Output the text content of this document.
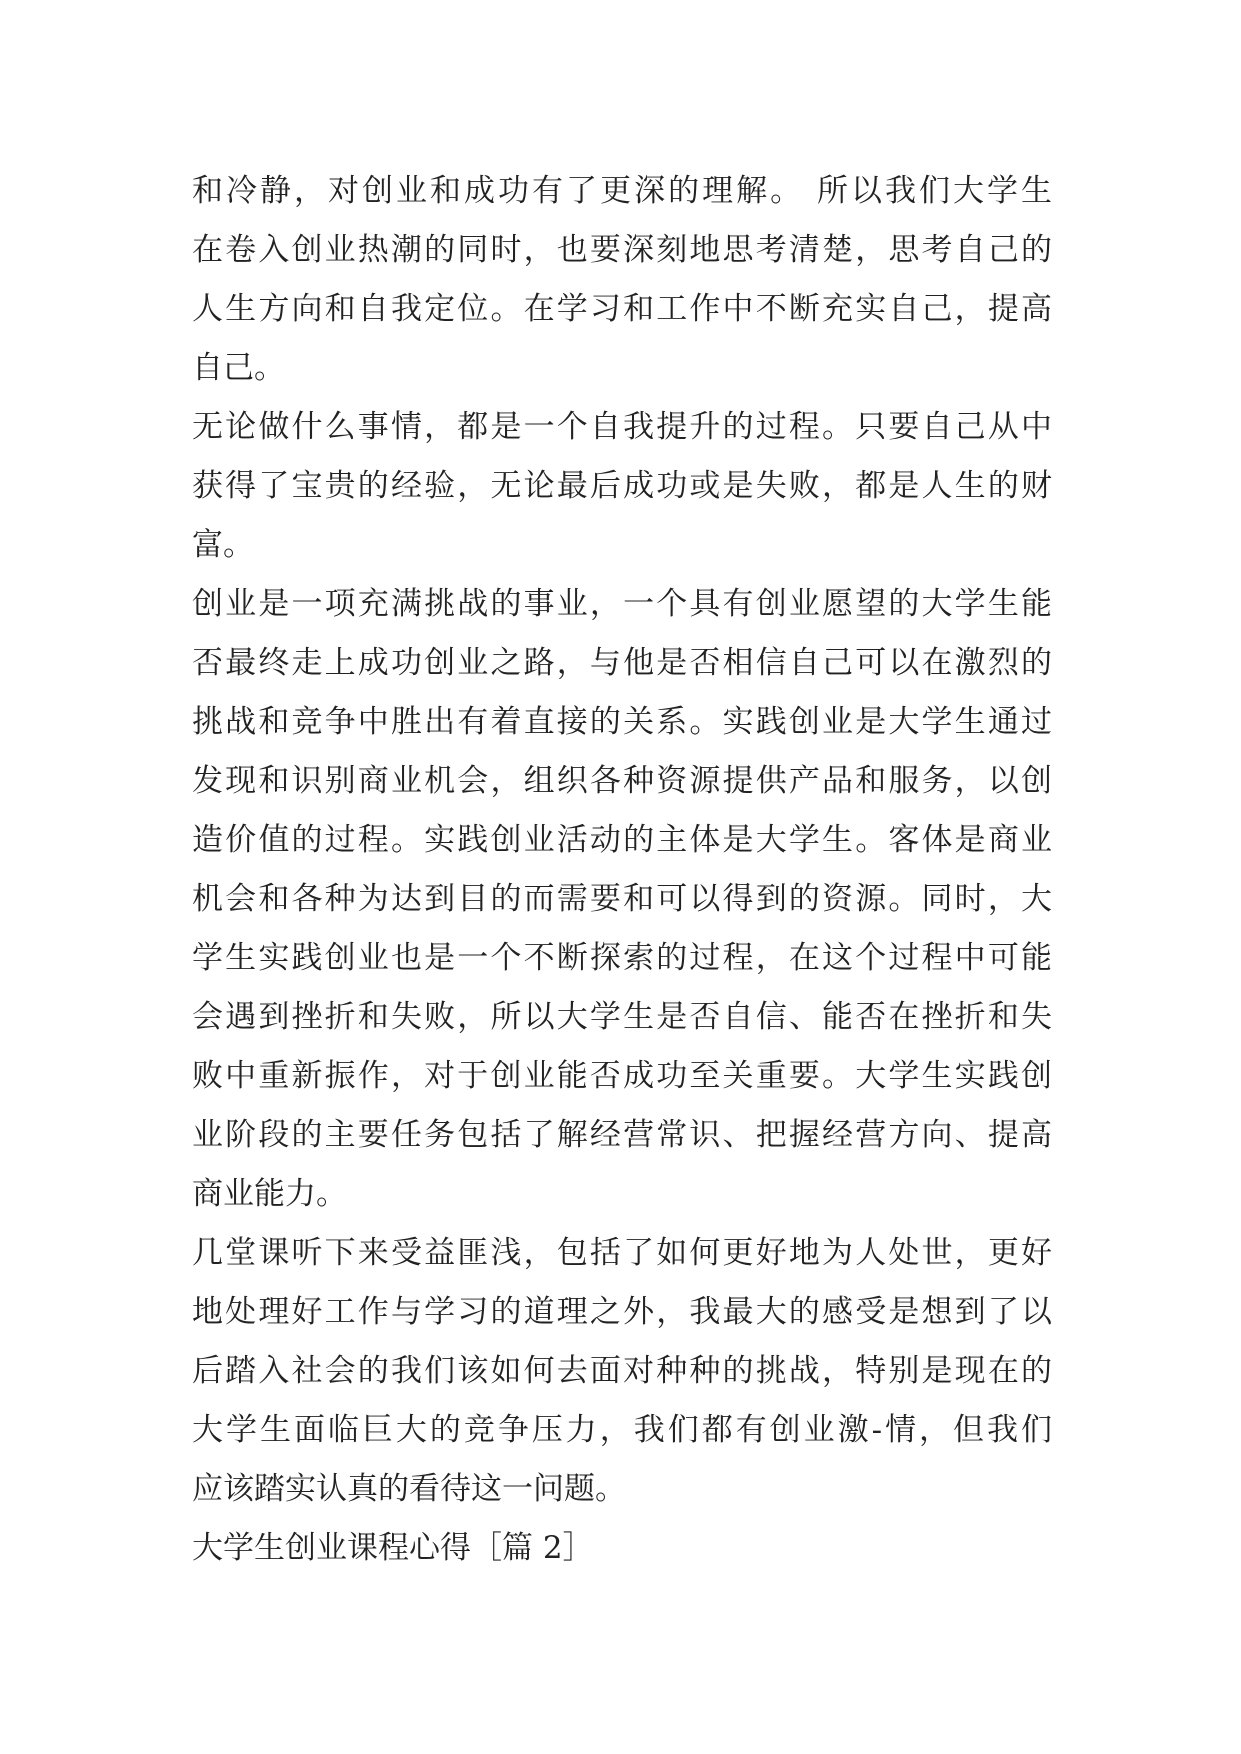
和冷静，对创业和成功有了更深的理解。 所以我们大学生
在卷入创业热潮的同时，也要深刻地思考清楚，思考自己的
人生方向和自我定位。在学习和工作中不断充实自己，提高
自己。
无论做什么事情，都是一个自我提升的过程。只要自己从中
获得了宝贵的经验，无论最后成功或是失败，都是人生的财
富。
创业是一项充满挑战的事业，一个具有创业愿望的大学生能
否最终走上成功创业之路，与他是否相信自己可以在激烈的
挑战和竞争中胜出有着直接的关系。实践创业是大学生通过
发现和识别商业机会，组织各种资源提供产品和服务，以创
造价值的过程。实践创业活动的主体是大学生。客体是商业
机会和各种为达到目的而需要和可以得到的资源。同时，大
学生实践创业也是一个不断探索的过程，在这个过程中可能
会遇到挫折和失败，所以大学生是否自信、能否在挫折和失
败中重新振作，对于创业能否成功至关重要。大学生实践创
业阶段的主要任务包括了解经营常识、把握经营方向、提高
商业能力。
几堂课听下来受益匪浅，包括了如何更好地为人处世，更好
地处理好工作与学习的道理之外，我最大的感受是想到了以
后踏入社会的我们该如何去面对种种的挑战，特别是现在的
大学生面临巨大的竞争压力，我们都有创业激-情，但我们
应该踏实认真的看待这一问题。
大学生创业课程心得［篇 2］
